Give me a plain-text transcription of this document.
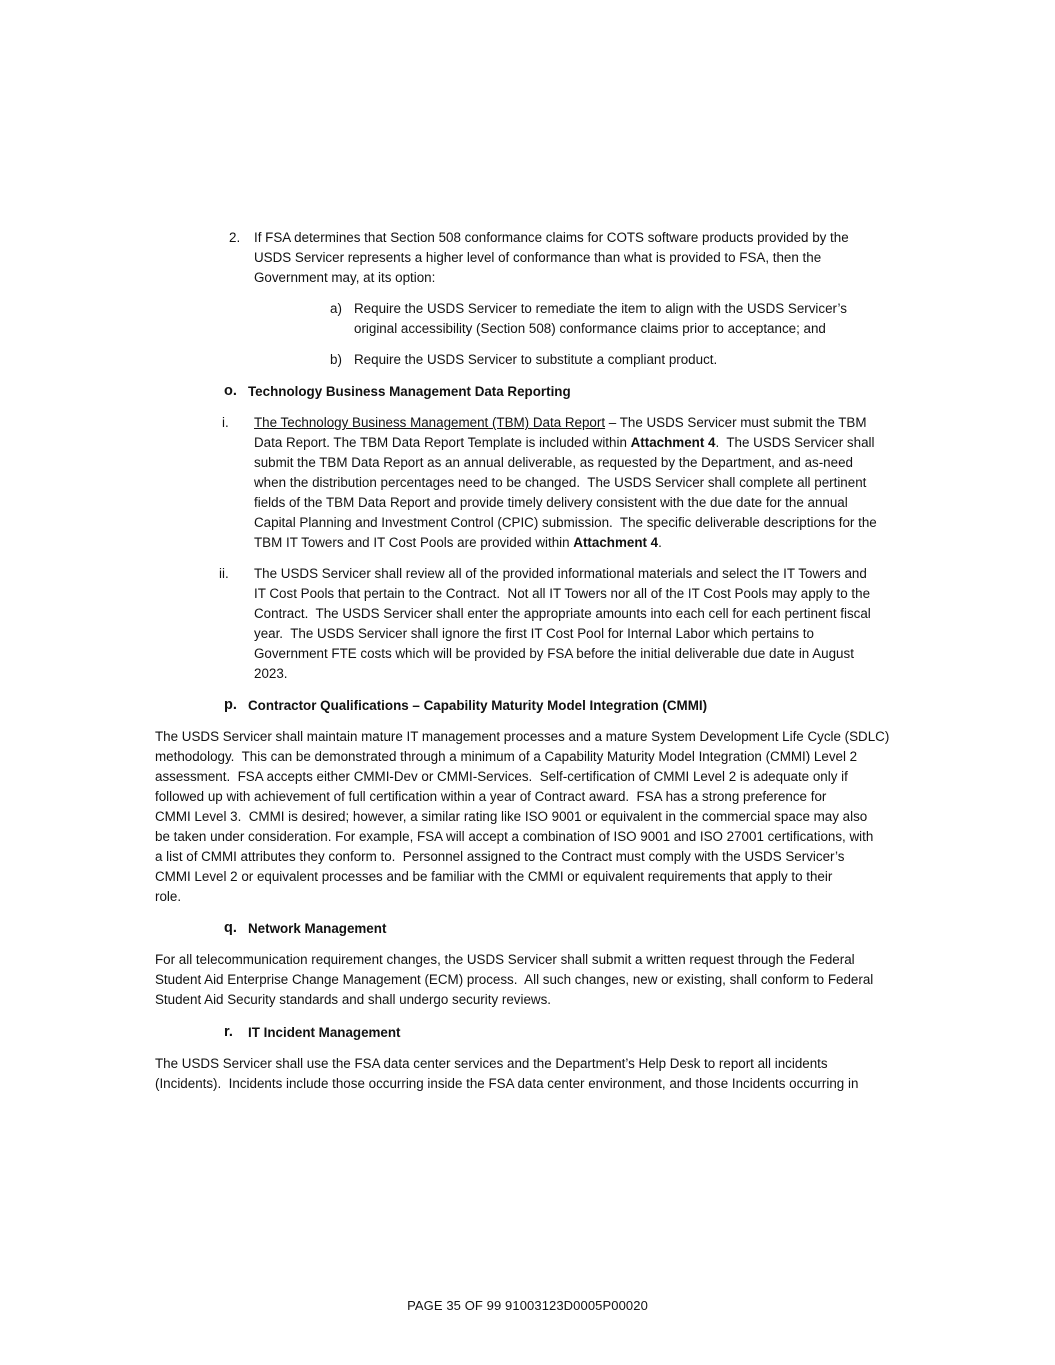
2. If FSA determines that Section 508 conformance claims for COTS software products provided by the
USDS Servicer represents a higher level of conformance than what is provided to FSA, then the
Government may, at its option:
a) Require the USDS Servicer to remediate the item to align with the USDS Servicer’s
original accessibility (Section 508) conformance claims prior to acceptance; and
b) Require the USDS Servicer to substitute a compliant product.
o. Technology Business Management Data Reporting
i. The Technology Business Management (TBM) Data Report – The USDS Servicer must submit the TBM
Data Report. The TBM Data Report Template is included within Attachment 4.  The USDS Servicer shall
submit the TBM Data Report as an annual deliverable, as requested by the Department, and as-need
when the distribution percentages need to be changed.  The USDS Servicer shall complete all pertinent
fields of the TBM Data Report and provide timely delivery consistent with the due date for the annual
Capital Planning and Investment Control (CPIC) submission.  The specific deliverable descriptions for the
TBM IT Towers and IT Cost Pools are provided within Attachment 4.
ii. The USDS Servicer shall review all of the provided informational materials and select the IT Towers and
IT Cost Pools that pertain to the Contract.  Not all IT Towers nor all of the IT Cost Pools may apply to the
Contract.  The USDS Servicer shall enter the appropriate amounts into each cell for each pertinent fiscal
year.  The USDS Servicer shall ignore the first IT Cost Pool for Internal Labor which pertains to
Government FTE costs which will be provided by FSA before the initial deliverable due date in August
2023.
p. Contractor Qualifications – Capability Maturity Model Integration (CMMI)
The USDS Servicer shall maintain mature IT management processes and a mature System Development Life Cycle (SDLC)
methodology.  This can be demonstrated through a minimum of a Capability Maturity Model Integration (CMMI) Level 2
assessment.  FSA accepts either CMMI-Dev or CMMI-Services.  Self-certification of CMMI Level 2 is adequate only if
followed up with achievement of full certification within a year of Contract award.  FSA has a strong preference for
CMMI Level 3.  CMMI is desired; however, a similar rating like ISO 9001 or equivalent in the commercial space may also
be taken under consideration. For example, FSA will accept a combination of ISO 9001 and ISO 27001 certifications, with
a list of CMMI attributes they conform to.  Personnel assigned to the Contract must comply with the USDS Servicer’s
CMMI Level 2 or equivalent processes and be familiar with the CMMI or equivalent requirements that apply to their
role.
q. Network Management
For all telecommunication requirement changes, the USDS Servicer shall submit a written request through the Federal
Student Aid Enterprise Change Management (ECM) process.  All such changes, new or existing, shall conform to Federal
Student Aid Security standards and shall undergo security reviews.
r. IT Incident Management
The USDS Servicer shall use the FSA data center services and the Department’s Help Desk to report all incidents
(Incidents).  Incidents include those occurring inside the FSA data center environment, and those Incidents occurring in
PAGE 35 OF 99 91003123D0005P00020
